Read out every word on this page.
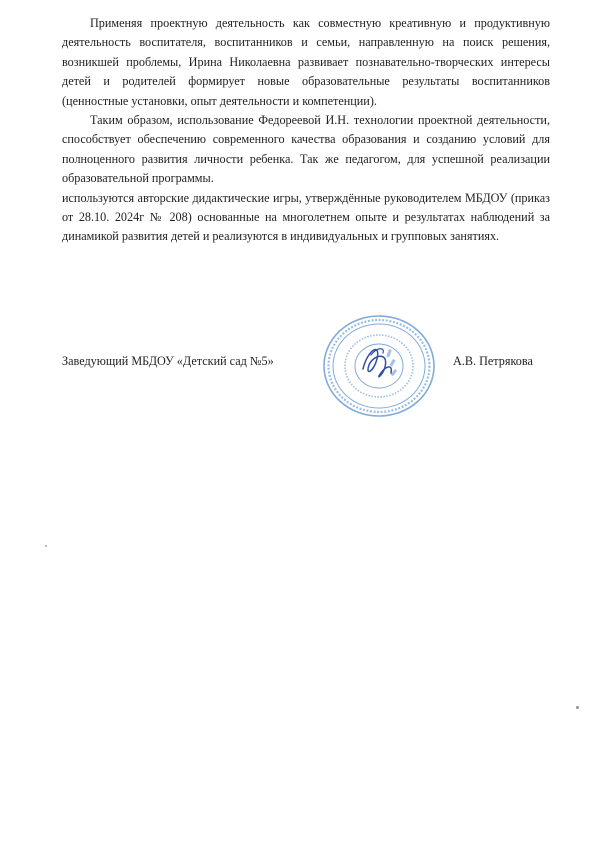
Применяя проектную деятельность как совместную креативную и продуктивную деятельность воспитателя, воспитанников и семьи, направленную на поиск решения, возникшей проблемы, Ирина Николаевна развивает познавательно-творческих интересы детей и родителей формирует новые образовательные результаты воспитанников (ценностные установки, опыт деятельности и компетенции).

Таким образом, использование Федореевой И.Н. технологии проектной деятельности, способствует обеспечению современного качества образования и созданию условий для полноценного развития личности ребенка. Так же педагогом, для успешной реализации образовательной программы.

используются авторские дидактические игры, утверждённые руководителем МБДОУ (приказ от 28.10. 2024г № 208) основанные на многолетнем опыте и результатах наблюдений за динамикой развития детей и реализуются в индивидуальных и групповых занятиях.

Заведующий МБДОУ «Детский сад №5»	А.В. Петрякова
